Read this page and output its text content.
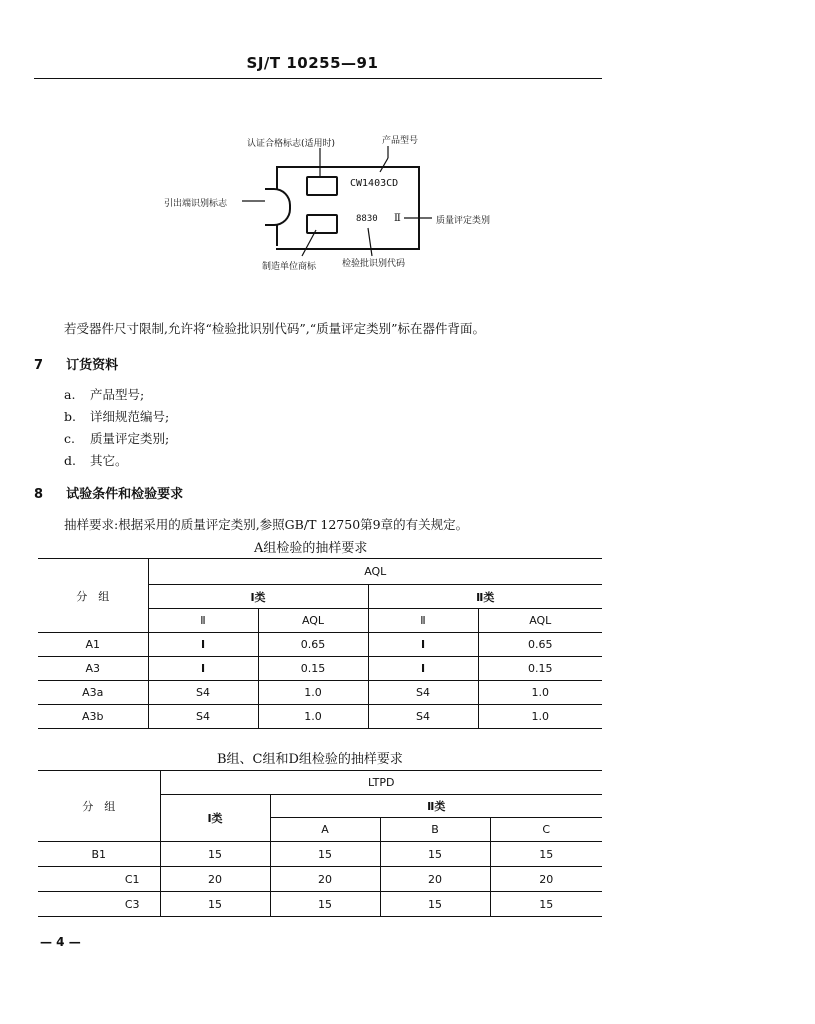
SJ/T 10255—91
CW1403CD
8830 Ⅱ
认证合格标志(适用时)	产品型号
引出端识别标志
质量评定类别
制造单位商标	检验批识别代码
若受器件尺寸限制,允许将“检验批识别代码”,“质量评定类别”标在器件背面。
7 订货资料
a. 产品型号;
b. 详细规范编号;
c. 质量评定类别;
d. 其它。
8 试验条件和检验要求
抽样要求:根据采用的质量评定类别,参照GB/T 12750第9章的有关规定。
A组检验的抽样要求
分　组	AQL			
	Ⅰ类		Ⅱ类	
	Ⅱ	AQL	Ⅱ	AQL
A1	Ⅰ	0.65	Ⅰ	0.65
A3	Ⅰ	0.15	Ⅰ	0.15
A3a	S4	1.0	S4	1.0
A3b	S4	1.0	S4	1.0
B组、C组和D组检验的抽样要求
分　组	LTPD			
	Ⅰ类	Ⅱ类		
		A	B	C
B1	15	15	15	15
C1	20	20	20	20
C3	15	15	15	15
— 4 —
